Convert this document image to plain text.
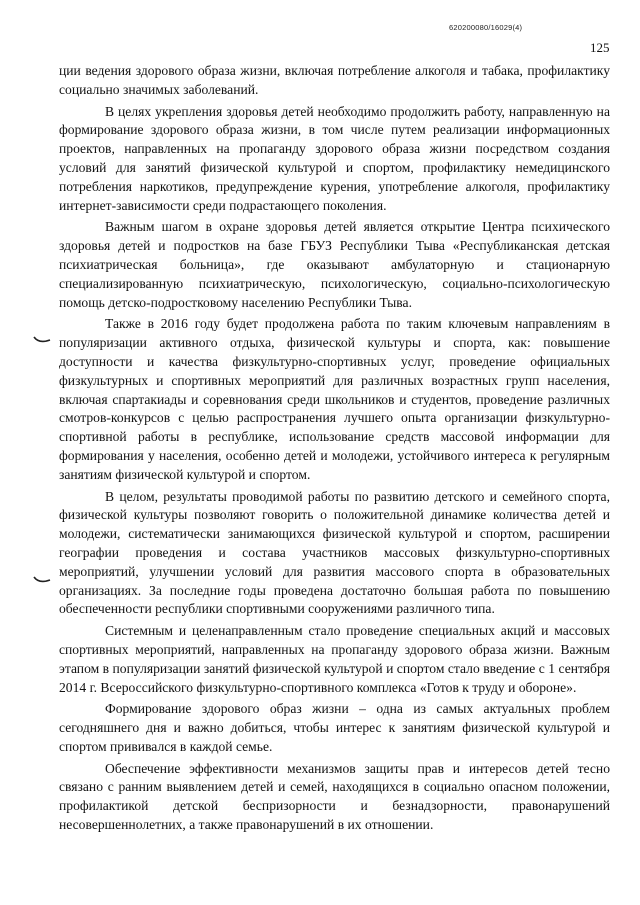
620200080/16029(4)
125

ции ведения здорового образа жизни, включая потребление алкоголя и табака, профилактику социально значимых заболеваний.

В целях укрепления здоровья детей необходимо продолжить работу, направленную на формирование здорового образа жизни, в том числе путем реализации информационных проектов, направленных на пропаганду здорового образа жизни посредством создания условий для занятий физической культурой и спортом, профилактику немедицинского потребления наркотиков, предупреждение курения, употребление алкоголя, профилактику интернет-зависимости среди подрастающего поколения.

Важным шагом в охране здоровья детей является открытие Центра психического здоровья детей и подростков на базе ГБУЗ Республики Тыва «Республиканская детская психиатрическая больница», где оказывают амбулаторную и стационарную специализированную психиатрическую, психологическую, социально-психологическую помощь детско-подростковому населению Республики Тыва.

Также в 2016 году будет продолжена работа по таким ключевым направлениям в популяризации активного отдыха, физической культуры и спорта, как: повышение доступности и качества физкультурно-спортивных услуг, проведение официальных физкультурных и спортивных мероприятий для различных возрастных групп населения, включая спартакиады и соревнования среди школьников и студентов, проведение различных смотров-конкурсов с целью распространения лучшего опыта организации физкультурно-спортивной работы в республике, использование средств массовой информации для формирования у населения, особенно детей и молодежи, устойчивого интереса к регулярным занятиям физической культурой и спортом.

В целом, результаты проводимой работы по развитию детского и семейного спорта, физической культуры позволяют говорить о положительной динамике количества детей и молодежи, систематически занимающихся физической культурой и спортом, расширении географии проведения и состава участников массовых физкультурно-спортивных мероприятий, улучшении условий для развития массового спорта в образовательных организациях. За последние годы проведена достаточно большая работа по повышению обеспеченности республики спортивными сооружениями различного типа.

Системным и целенаправленным стало проведение специальных акций и массовых спортивных мероприятий, направленных на пропаганду здорового образа жизни. Важным этапом в популяризации занятий физической культурой и спортом стало введение с 1 сентября 2014 г. Всероссийского физкультурно-спортивного комплекса «Готов к труду и обороне».

Формирование здорового образ жизни – одна из самых актуальных проблем сегодняшнего дня и важно добиться, чтобы интерес к занятиям физической культурой и спортом прививался в каждой семье.

Обеспечение эффективности механизмов защиты прав и интересов детей тесно связано с ранним выявлением детей и семей, находящихся в социально опасном положении, профилактикой детской беспризорности и безнадзорности, правонарушений несовершеннолетних, а также правонарушений в их отношении.
